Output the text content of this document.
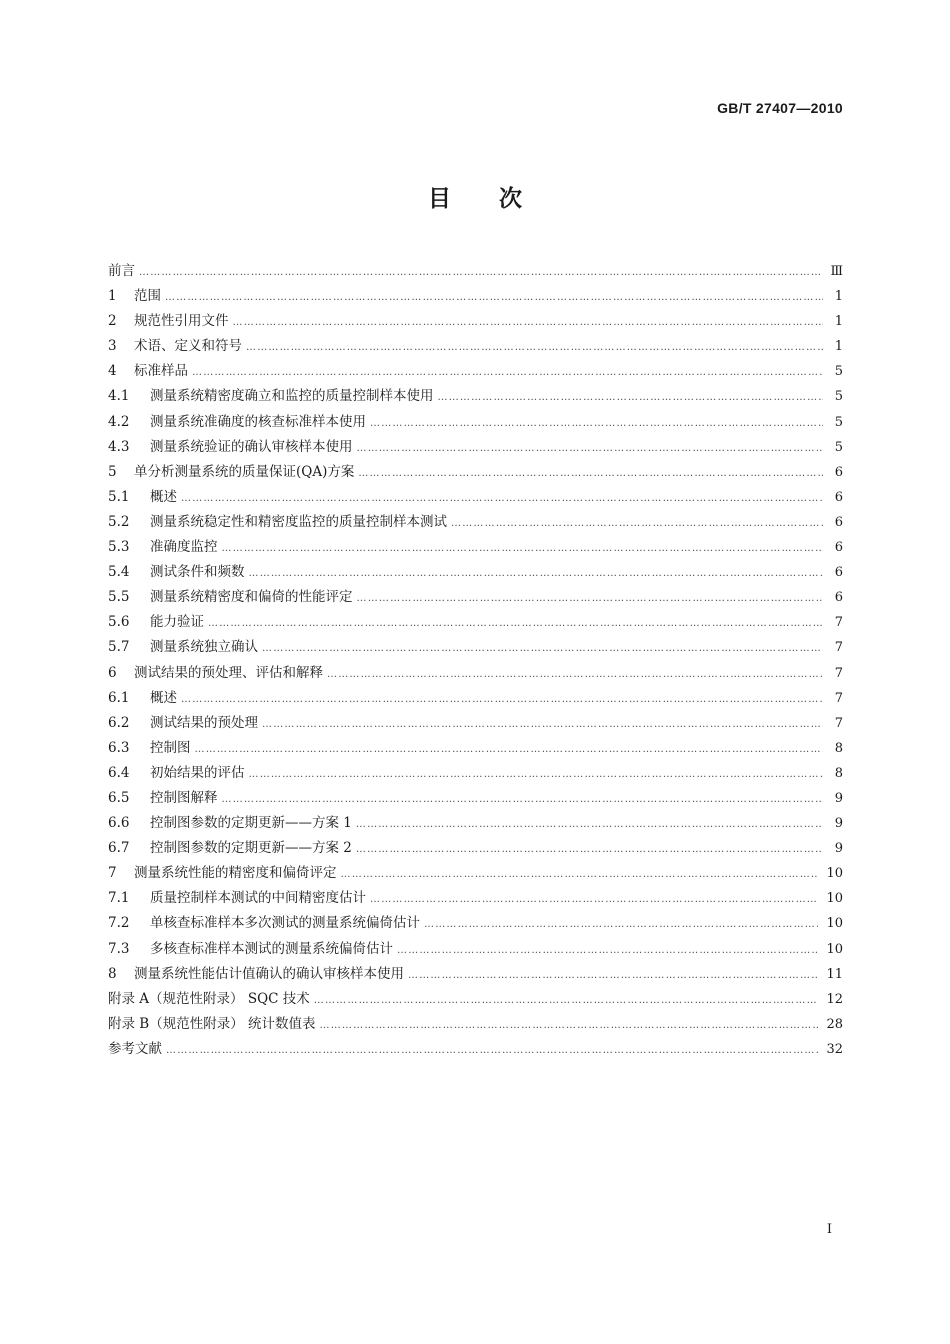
GB/T 27407—2010
目次
前言 ……………………………………………………………………………………………………………………………………………………………………………………………………………………	Ⅲ
1	范围 ……………………………………………………………………………………………………………………………………………………………………………………………………………………	1
2	规范性引用文件 ……………………………………………………………………………………………………………………………………………………………………………………………………………………	1
3	术语、定义和符号 ……………………………………………………………………………………………………………………………………………………………………………………………………………………	1
4	标准样品 ……………………………………………………………………………………………………………………………………………………………………………………………………………………	5
4.1	测量系统精密度确立和监控的质量控制样本使用 ……………………………………………………………………………………………………………………………………………………………………………………………………………………	5
4.2	测量系统准确度的核查标准样本使用 ……………………………………………………………………………………………………………………………………………………………………………………………………………………	5
4.3	测量系统验证的确认审核样本使用 ……………………………………………………………………………………………………………………………………………………………………………………………………………………	5
5	单分析测量系统的质量保证(QA)方案 ……………………………………………………………………………………………………………………………………………………………………………………………………………………	6
5.1	概述 ……………………………………………………………………………………………………………………………………………………………………………………………………………………	6
5.2	测量系统稳定性和精密度监控的质量控制样本测试 ……………………………………………………………………………………………………………………………………………………………………………………………………………………	6
5.3	准确度监控 ……………………………………………………………………………………………………………………………………………………………………………………………………………………	6
5.4	测试条件和频数 ……………………………………………………………………………………………………………………………………………………………………………………………………………………	6
5.5	测量系统精密度和偏倚的性能评定 ……………………………………………………………………………………………………………………………………………………………………………………………………………………	6
5.6	能力验证 ……………………………………………………………………………………………………………………………………………………………………………………………………………………	7
5.7	测量系统独立确认 ……………………………………………………………………………………………………………………………………………………………………………………………………………………	7
6	测试结果的预处理、评估和解释 ……………………………………………………………………………………………………………………………………………………………………………………………………………………	7
6.1	概述 ……………………………………………………………………………………………………………………………………………………………………………………………………………………	7
6.2	测试结果的预处理 ……………………………………………………………………………………………………………………………………………………………………………………………………………………	7
6.3	控制图 ……………………………………………………………………………………………………………………………………………………………………………………………………………………	8
6.4	初始结果的评估 ……………………………………………………………………………………………………………………………………………………………………………………………………………………	8
6.5	控制图解释 ……………………………………………………………………………………………………………………………………………………………………………………………………………………	9
6.6	控制图参数的定期更新——方案 1 ……………………………………………………………………………………………………………………………………………………………………………………………………………………	9
6.7	控制图参数的定期更新——方案 2 ……………………………………………………………………………………………………………………………………………………………………………………………………………………	9
7	测量系统性能的精密度和偏倚评定 ……………………………………………………………………………………………………………………………………………………………………………………………………………………	10
7.1	质量控制样本测试的中间精密度估计 ……………………………………………………………………………………………………………………………………………………………………………………………………………………	10
7.2	单核查标准样本多次测试的测量系统偏倚估计 ……………………………………………………………………………………………………………………………………………………………………………………………………………………	10
7.3	多核查标准样本测试的测量系统偏倚估计 ……………………………………………………………………………………………………………………………………………………………………………………………………………………	10
8	测量系统性能估计值确认的确认审核样本使用 ……………………………………………………………………………………………………………………………………………………………………………………………………………………	11
附录 A（规范性附录） SQC 技术 ……………………………………………………………………………………………………………………………………………………………………………………………………………………	12
附录 B（规范性附录） 统计数值表 ……………………………………………………………………………………………………………………………………………………………………………………………………………………	28
参考文献 ……………………………………………………………………………………………………………………………………………………………………………………………………………………	32
I
